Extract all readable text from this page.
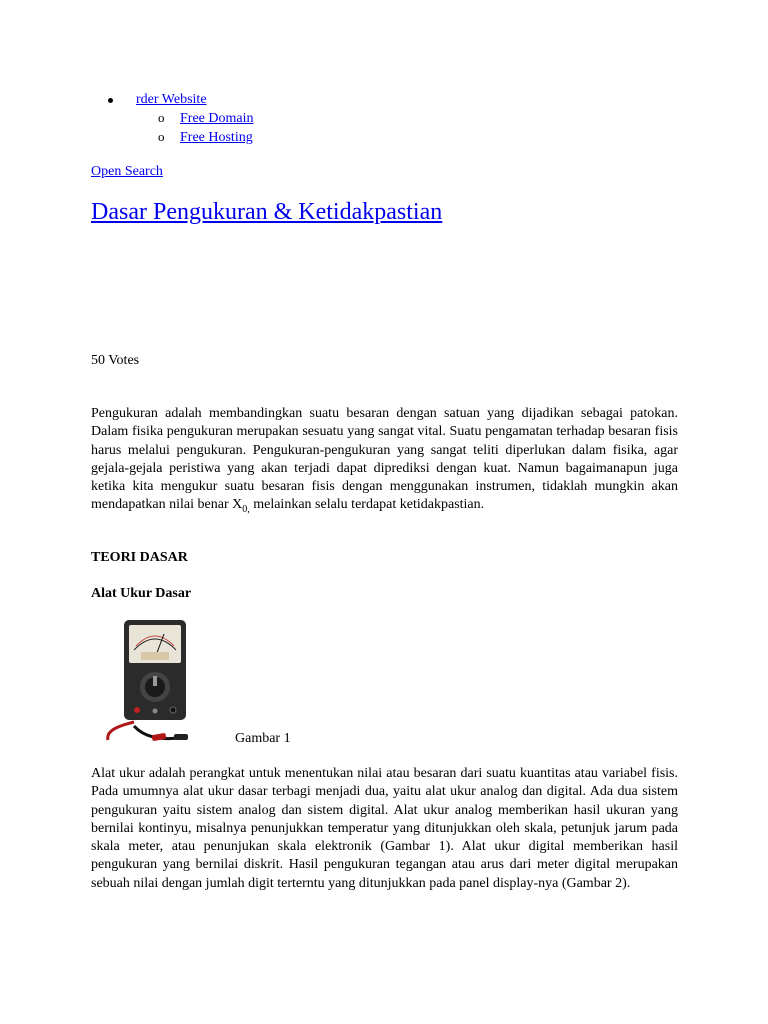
rder Website
o Free Domain
o Free Hosting
Open Search
Dasar Pengukuran & Ketidakpastian
50 Votes

Pengukuran adalah membandingkan suatu besaran dengan satuan yang dijadikan sebagai patokan. Dalam fisika pengukuran merupakan sesuatu yang sangat vital. Suatu pengamatan terhadap besaran fisis harus melalui pengukuran. Pengukuran-pengukuran yang sangat teliti diperlukan dalam fisika, agar gejala-gejala peristiwa yang akan terjadi dapat diprediksi dengan kuat. Namun bagaimanapun juga ketika kita mengukur suatu besaran fisis dengan menggunakan instrumen, tidaklah mungkin akan mendapatkan nilai benar $X_{0,}$ melainkan selalu terdapat ketidakpastian.

TEORI DASAR
Alat Ukur Dasar
Gambar 1

Alat ukur adalah perangkat untuk menentukan nilai atau besaran dari suatu kuantitas atau variabel fisis. Pada umumnya alat ukur dasar terbagi menjadi dua, yaitu alat ukur analog dan digital. Ada dua sistem pengukuran yaitu sistem analog dan sistem digital. Alat ukur analog memberikan hasil ukuran yang bernilai kontinyu, misalnya penunjukkan temperatur yang ditunjukkan oleh skala, petunjuk jarum pada skala meter, atau penunjukan skala elektronik (Gambar 1). Alat ukur digital memberikan hasil pengukuran yang bernilai diskrit. Hasil pengukuran tegangan atau arus dari meter digital merupakan sebuah nilai dengan jumlah digit terterntu yang ditunjukkan pada panel display-nya (Gambar 2).
